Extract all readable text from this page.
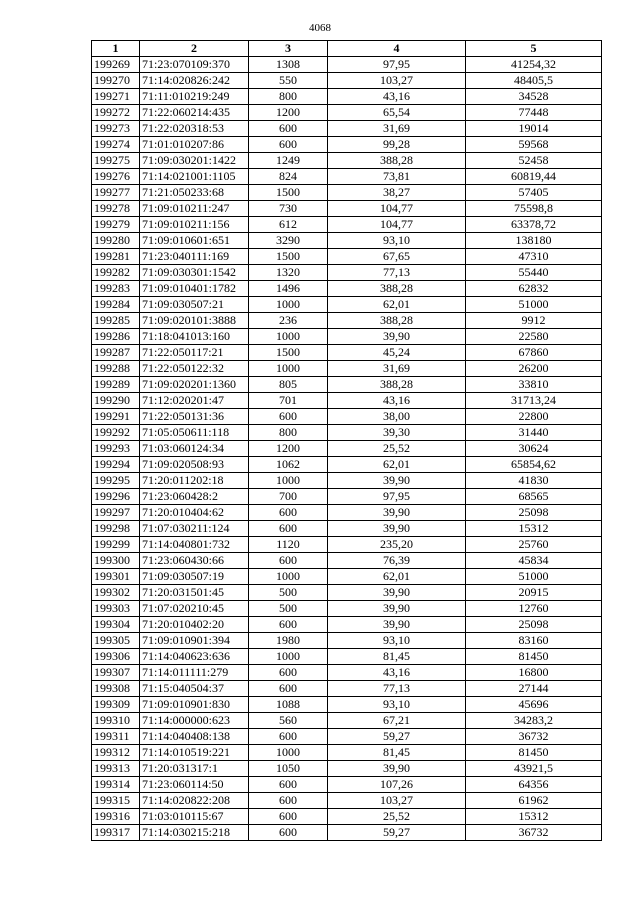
4068
1	2	3	4	5
199269	71:23:070109:370	1308	97,95	41254,32
199270	71:14:020826:242	550	103,27	48405,5
199271	71:11:010219:249	800	43,16	34528
199272	71:22:060214:435	1200	65,54	77448
199273	71:22:020318:53	600	31,69	19014
199274	71:01:010207:86	600	99,28	59568
199275	71:09:030201:1422	1249	388,28	52458
199276	71:14:021001:1105	824	73,81	60819,44
199277	71:21:050233:68	1500	38,27	57405
199278	71:09:010211:247	730	104,77	75598,8
199279	71:09:010211:156	612	104,77	63378,72
199280	71:09:010601:651	3290	93,10	138180
199281	71:23:040111:169	1500	67,65	47310
199282	71:09:030301:1542	1320	77,13	55440
199283	71:09:010401:1782	1496	388,28	62832
199284	71:09:030507:21	1000	62,01	51000
199285	71:09:020101:3888	236	388,28	9912
199286	71:18:041013:160	1000	39,90	22580
199287	71:22:050117:21	1500	45,24	67860
199288	71:22:050122:32	1000	31,69	26200
199289	71:09:020201:1360	805	388,28	33810
199290	71:12:020201:47	701	43,16	31713,24
199291	71:22:050131:36	600	38,00	22800
199292	71:05:050611:118	800	39,30	31440
199293	71:03:060124:34	1200	25,52	30624
199294	71:09:020508:93	1062	62,01	65854,62
199295	71:20:011202:18	1000	39,90	41830
199296	71:23:060428:2	700	97,95	68565
199297	71:20:010404:62	600	39,90	25098
199298	71:07:030211:124	600	39,90	15312
199299	71:14:040801:732	1120	235,20	25760
199300	71:23:060430:66	600	76,39	45834
199301	71:09:030507:19	1000	62,01	51000
199302	71:20:031501:45	500	39,90	20915
199303	71:07:020210:45	500	39,90	12760
199304	71:20:010402:20	600	39,90	25098
199305	71:09:010901:394	1980	93,10	83160
199306	71:14:040623:636	1000	81,45	81450
199307	71:14:011111:279	600	43,16	16800
199308	71:15:040504:37	600	77,13	27144
199309	71:09:010901:830	1088	93,10	45696
199310	71:14:000000:623	560	67,21	34283,2
199311	71:14:040408:138	600	59,27	36732
199312	71:14:010519:221	1000	81,45	81450
199313	71:20:031317:1	1050	39,90	43921,5
199314	71:23:060114:50	600	107,26	64356
199315	71:14:020822:208	600	103,27	61962
199316	71:03:010115:67	600	25,52	15312
199317	71:14:030215:218	600	59,27	36732
